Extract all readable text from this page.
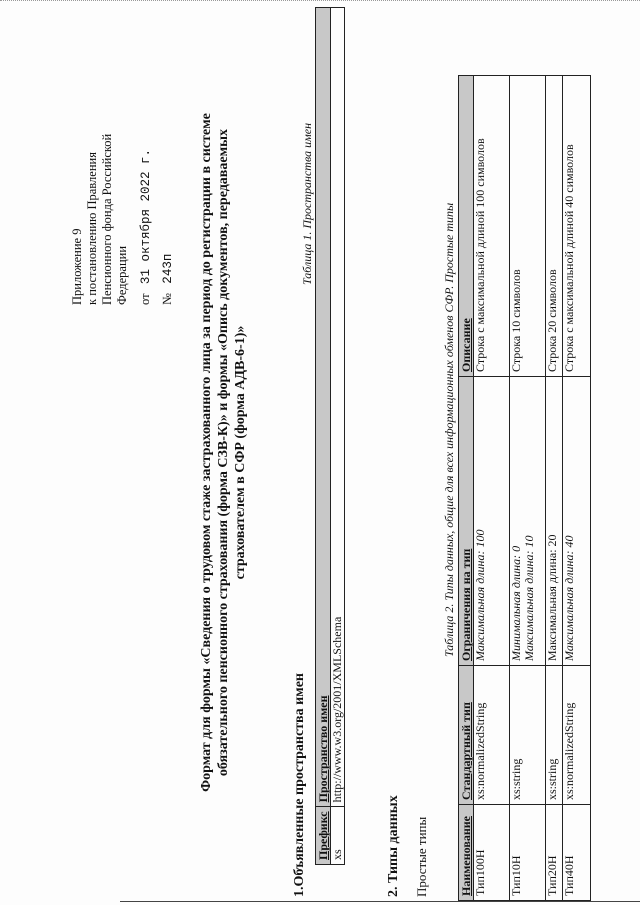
Приложение 9 к постановлению Правления Пенсионного фонда Российской Федерации от   31 октября 2022 г.
№   243п Формат для формы «Сведения о трудовом стаже застрахованного лица за период до регистрации в системе обязательного пенсионного страхования (форма СЗВ-К)» и формы «Опись документов, передаваемых страхователем в СФР (форма АДВ-6-1)»
1.Объявленные пространства имен
Таблица 1. Пространства имен
Префикс	Пространство имен
xs	http://www.w3.org/2001/XMLSchema
2. Типы данных Простые типы
Таблица 2. Типы данных, общие для всех информационных обменов СФР. Простые типы
Наименование	Стандартный тип	Ограничения на тип	Описание
Тип100Н	xs:normalizedString	Максимальная длина: 100	Строка с максимальной длиной 100 символов
Тип10Н	xs:string	Минимальная длина: 0 Максимальная длина: 10	Строка 10 символов
Тип20Н	xs:string	Максимальная длина: 20	Строка 20 символов
Тип40Н	xs:normalizedString	Максимальная длина: 40	Строка с максимальной длиной 40 символов
